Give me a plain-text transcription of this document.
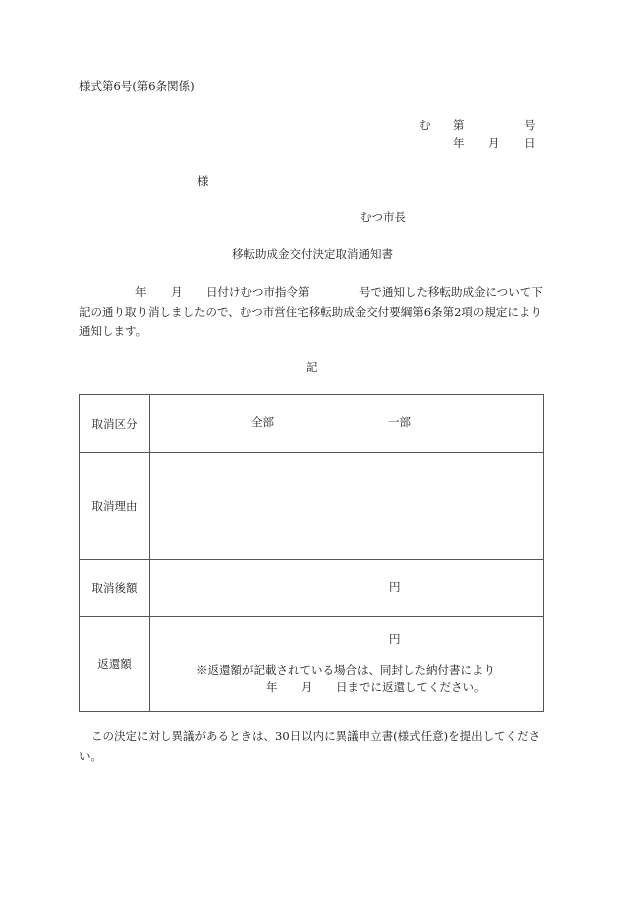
様式第6号(第6条関係)
む 第	号
年 月 日
様
むつ市長
移転助成金交付決定取消通知書
年 月 日付けむつ市指令第	号で通知した移転助成金について下
記の通り取り消しましたので、むつ市営住宅移転助成金交付要綱第6条第2項の規定により
通知します。
記
取消区分	全部 一部

取消理由	
取消後額	円

返還額	円
※返還額が記載されている場合は、同封した納付書により
年 月 日までに返還してください。
この決定に対し異議があるときは、30日以内に異議申立書(様式任意)を提出してくださ
い。
